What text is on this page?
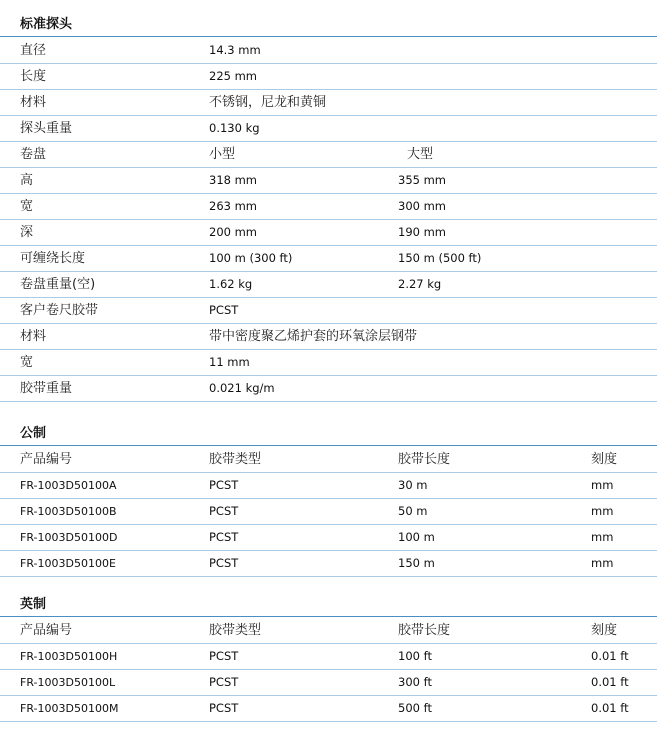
标准探头
直径	14.3 mm
长度	225 mm
材料	不锈钢，尼龙和黄铜
探头重量	0.130 kg
卷盘	小型	大型
高	318 mm	355 mm
宽	263 mm	300 mm
深	200 mm	190 mm
可缠绕长度	100 m (300 ft)	150 m (500 ft)
卷盘重量(空)	1.62 kg	2.27 kg
客户卷尺胶带	PCST
材料	带中密度聚乙烯护套的环氧涂层钢带
宽	11 mm
胶带重量	0.021 kg/m
公制
产品编号	胶带类型	胶带长度	刻度
FR-1003D50100A	PCST	30 m	mm
FR-1003D50100B	PCST	50 m	mm
FR-1003D50100D	PCST	100 m	mm
FR-1003D50100E	PCST	150 m	mm
英制
产品编号	胶带类型	胶带长度	刻度
FR-1003D50100H	PCST	100 ft	0.01 ft
FR-1003D50100L	PCST	300 ft	0.01 ft
FR-1003D50100M	PCST	500 ft	0.01 ft
